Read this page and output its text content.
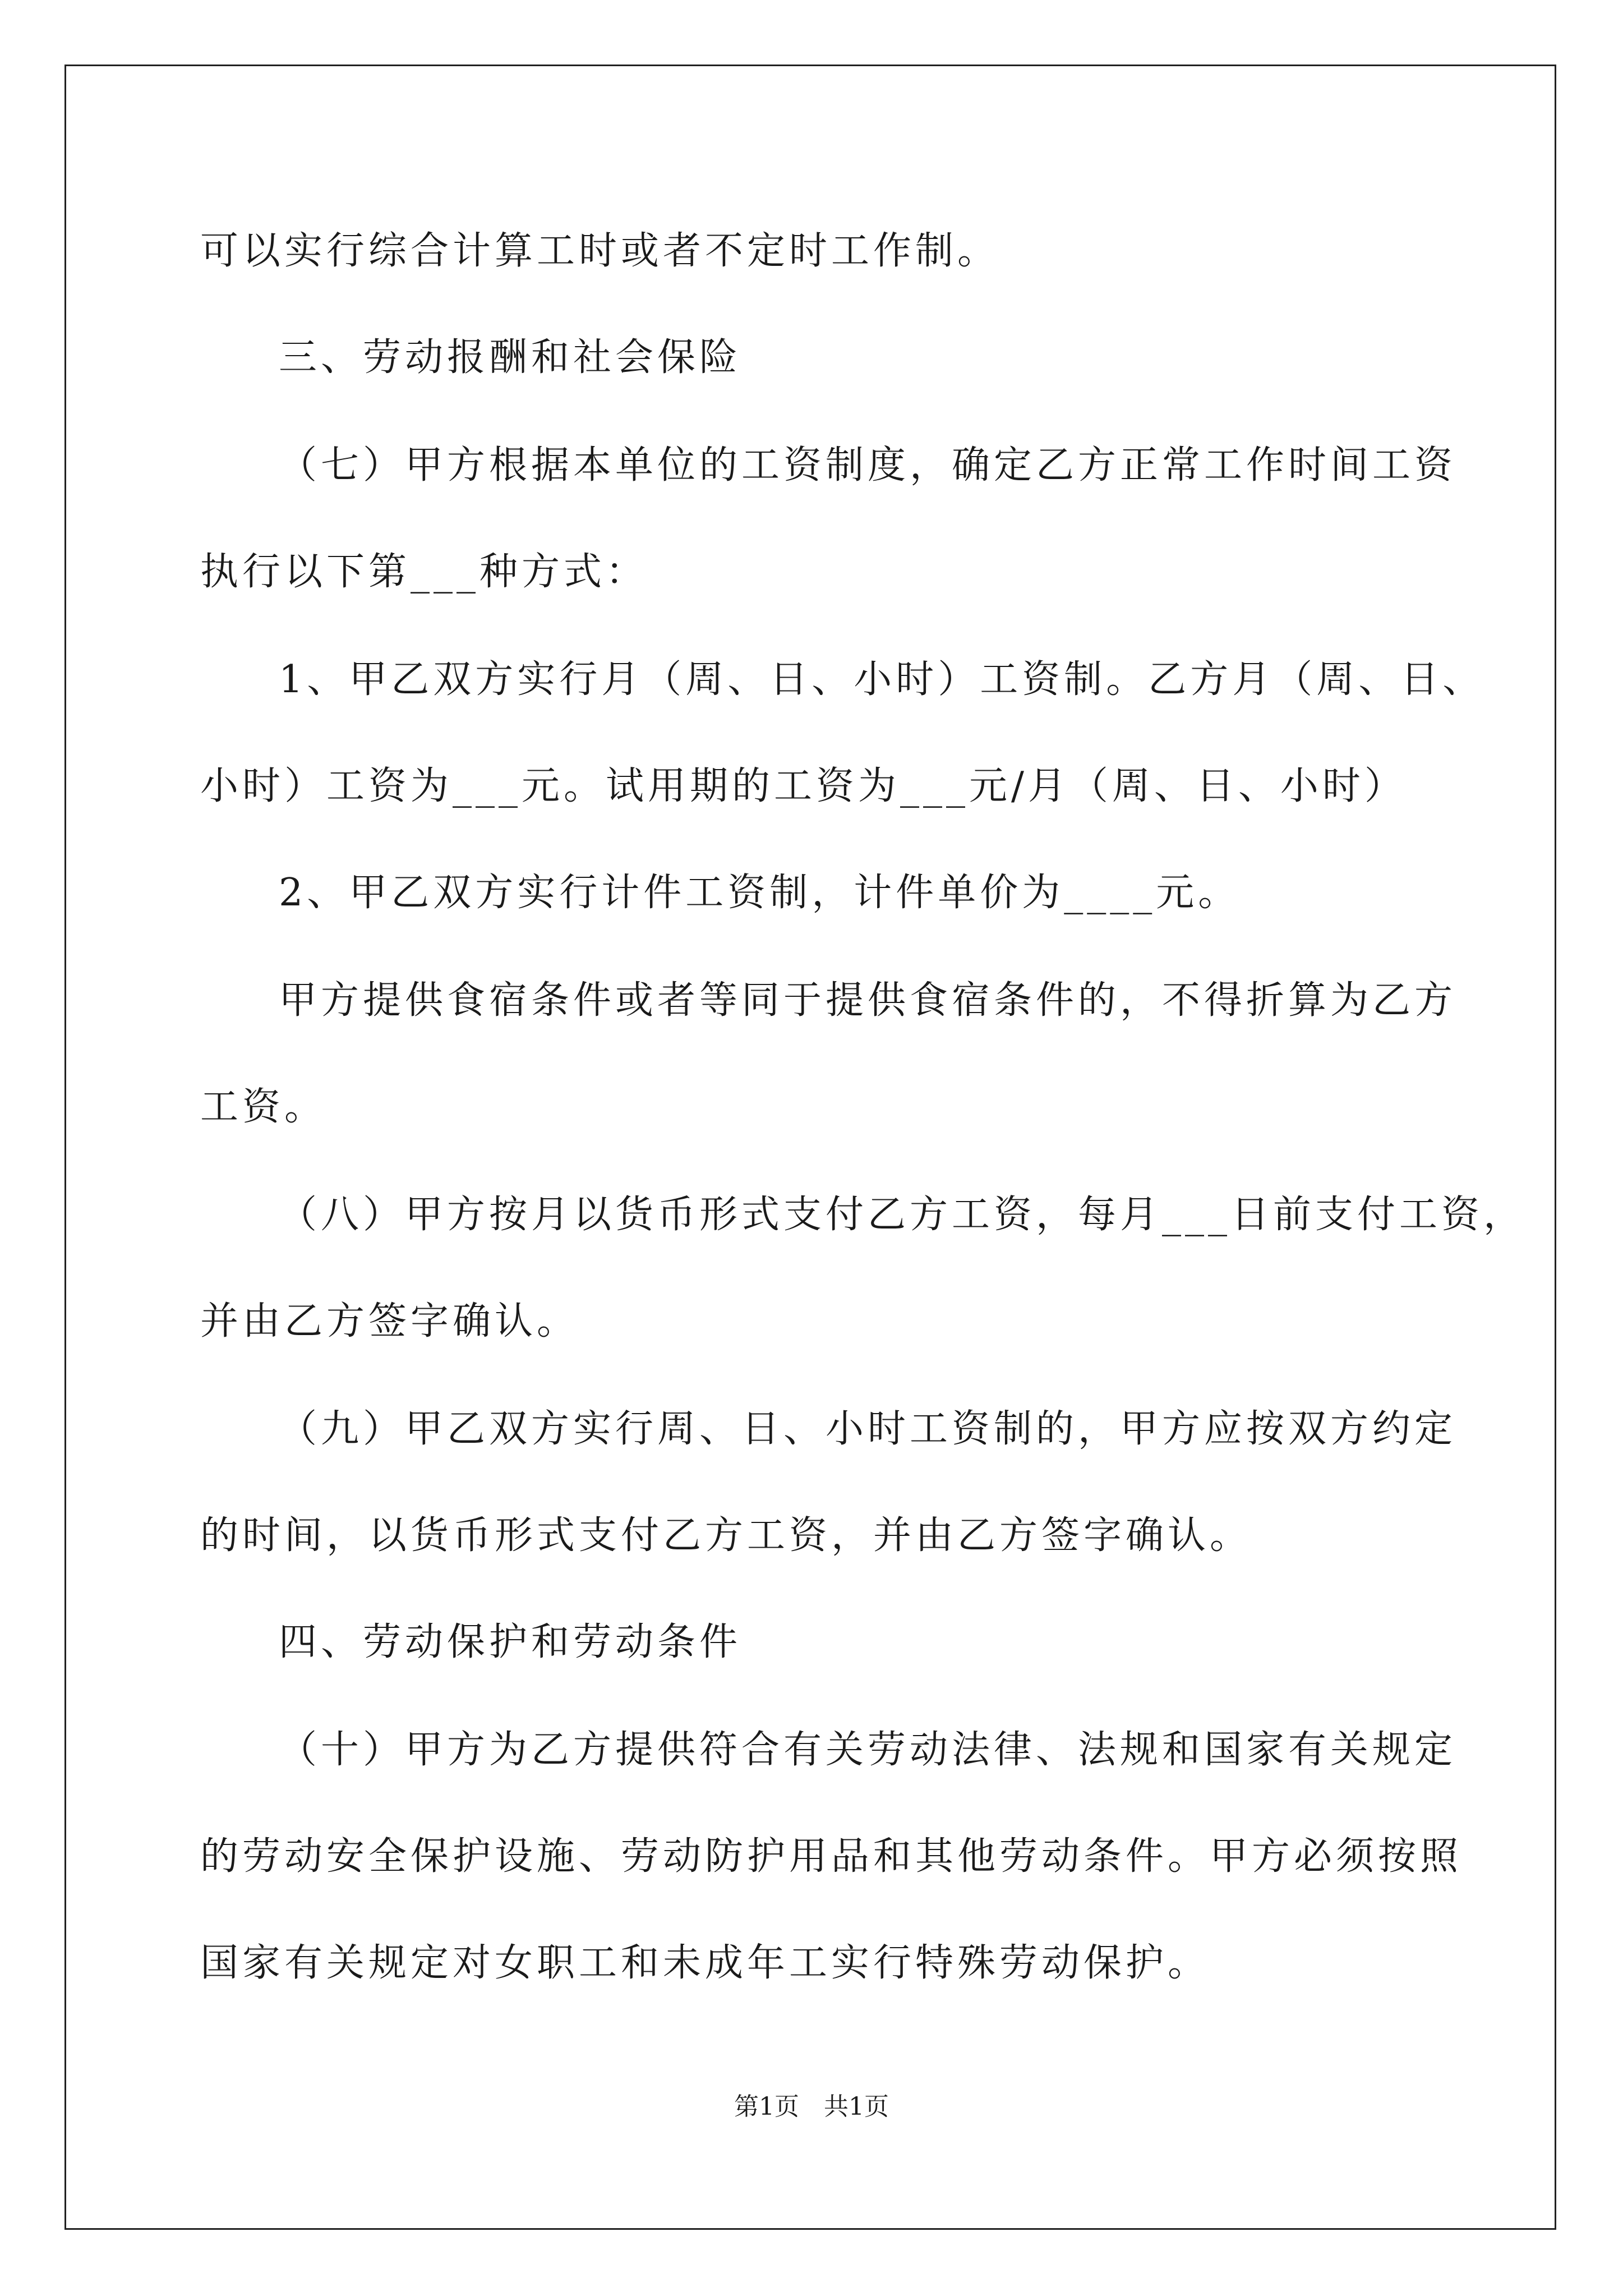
可以实行综合计算工时或者不定时工作制。
三、劳动报酬和社会保险
（七）甲方根据本单位的工资制度，确定乙方正常工作时间工资
执行以下第___种方式：
1、甲乙双方实行月（周、日、小时）工资制。乙方月（周、日、
小时）工资为___元。试用期的工资为___元/月（周、日、小时）
2、甲乙双方实行计件工资制，计件单价为____元。
甲方提供食宿条件或者等同于提供食宿条件的，不得折算为乙方
工资。
（八）甲方按月以货币形式支付乙方工资，每月___日前支付工资，
并由乙方签字确认。
（九）甲乙双方实行周、日、小时工资制的，甲方应按双方约定
的时间，以货币形式支付乙方工资，并由乙方签字确认。
四、劳动保护和劳动条件
（十）甲方为乙方提供符合有关劳动法律、法规和国家有关规定
的劳动安全保护设施、劳动防护用品和其他劳动条件。甲方必须按照
国家有关规定对女职工和未成年工实行特殊劳动保护。
第1页　共1页
